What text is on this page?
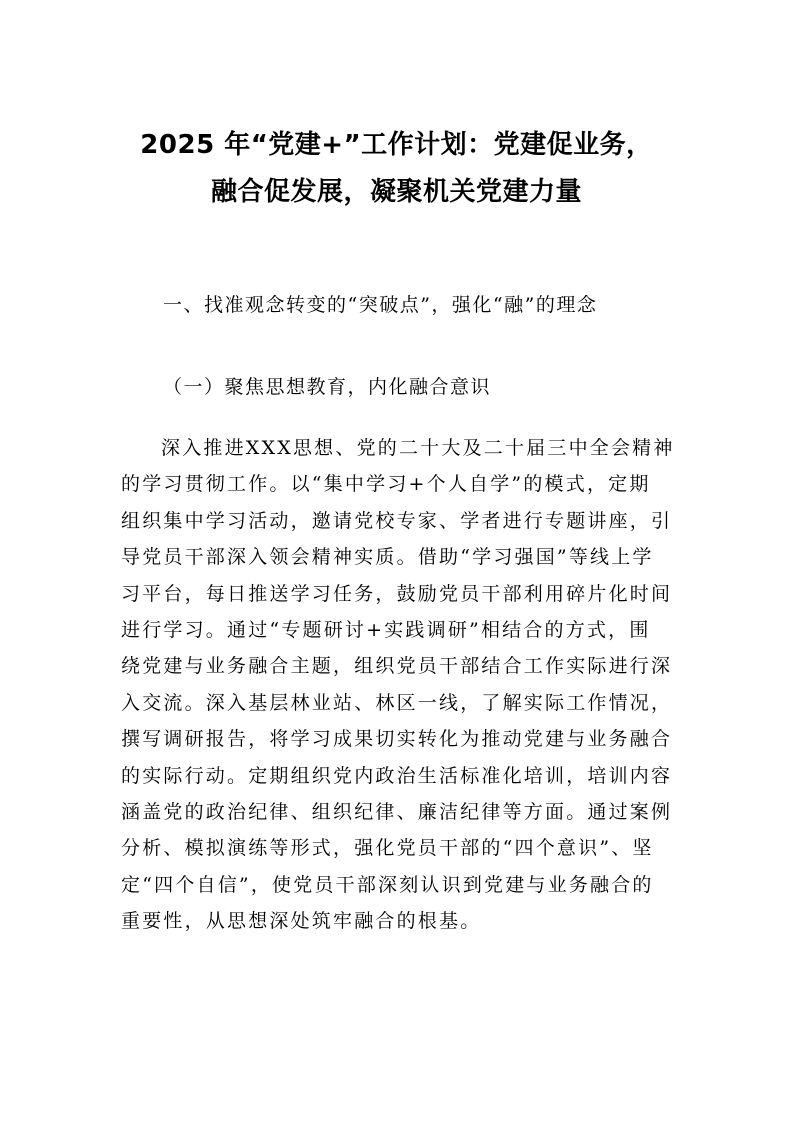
2025 年“党建+”工作计划：党建促业务，
融合促发展，凝聚机关党建力量
一、找准观念转变的“突破点”，强化“融”的理念
（一）聚焦思想教育，内化融合意识

深入推进XXX思想、党的二十大及二十届三中全会精神
的学习贯彻工作。以“集中学习+个人自学”的模式，定期
组织集中学习活动，邀请党校专家、学者进行专题讲座，引
导党员干部深入领会精神实质。借助“学习强国”等线上学
习平台，每日推送学习任务，鼓励党员干部利用碎片化时间
进行学习。通过“专题研讨+实践调研”相结合的方式，围
绕党建与业务融合主题，组织党员干部结合工作实际进行深
入交流。深入基层林业站、林区一线，了解实际工作情况，
撰写调研报告，将学习成果切实转化为推动党建与业务融合
的实际行动。定期组织党内政治生活标准化培训，培训内容
涵盖党的政治纪律、组织纪律、廉洁纪律等方面。通过案例
分析、模拟演练等形式，强化党员干部的“四个意识”、坚
定“四个自信”，使党员干部深刻认识到党建与业务融合的
重要性，从思想深处筑牢融合的根基。
